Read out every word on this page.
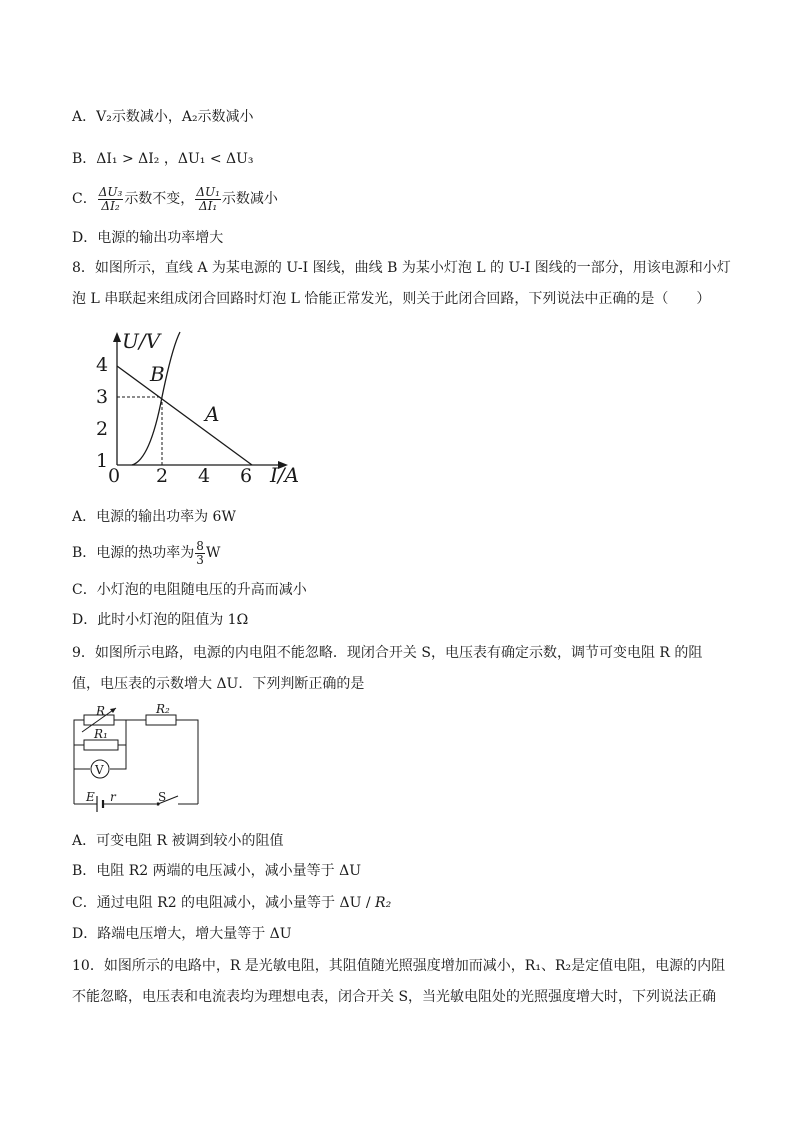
A．V₂示数减小，A₂示数减小
B．ΔI₁ > ΔI₂ ，ΔU₁ < ΔU₃
C． $\frac{\text{ΔU₃}}{\text{ΔI₂}}$ 示数不变， $\frac{\text{ΔU₁}}{\text{ΔI₁}}$ 示数减小
D．电源的输出功率增大
8．如图所示，直线 A 为某电源的 U-I 图线，曲线 B 为某小灯泡 L 的 U-I 图线的一部分，用该电源和小灯
泡 L 串联起来组成闭合回路时灯泡 L 恰能正常发光，则关于此闭合回路，下列说法中正确的是（　　）
4
3
2
1
0 2 4 6
U/V
I/A
B
A
A．电源的输出功率为 6W
B．电源的热功率为 $\frac{8}{3}$ W
C．小灯泡的电阻随电压的升高而减小
D．此时小灯泡的阻值为 1Ω
9．如图所示电路，电源的内电阻不能忽略．现闭合开关 S，电压表有确定示数，调节可变电阻 R 的阻
值，电压表的示数增大 ΔU．下列判断正确的是
V
R	R₂
R₁
E r	S
A．可变电阻 R 被调到较小的阻值
B．电阻 R2 两端的电压减小，减小量等于 ΔU
C．通过电阻 R2 的电阻减小，减小量等于 ΔU / R₂
D．路端电压增大，增大量等于 ΔU
10．如图所示的电路中，R 是光敏电阻，其阻值随光照强度增加而减小，R₁、R₂是定值电阻，电源的内阻
不能忽略，电压表和电流表均为理想电表，闭合开关 S，当光敏电阻处的光照强度增大时，下列说法正确
